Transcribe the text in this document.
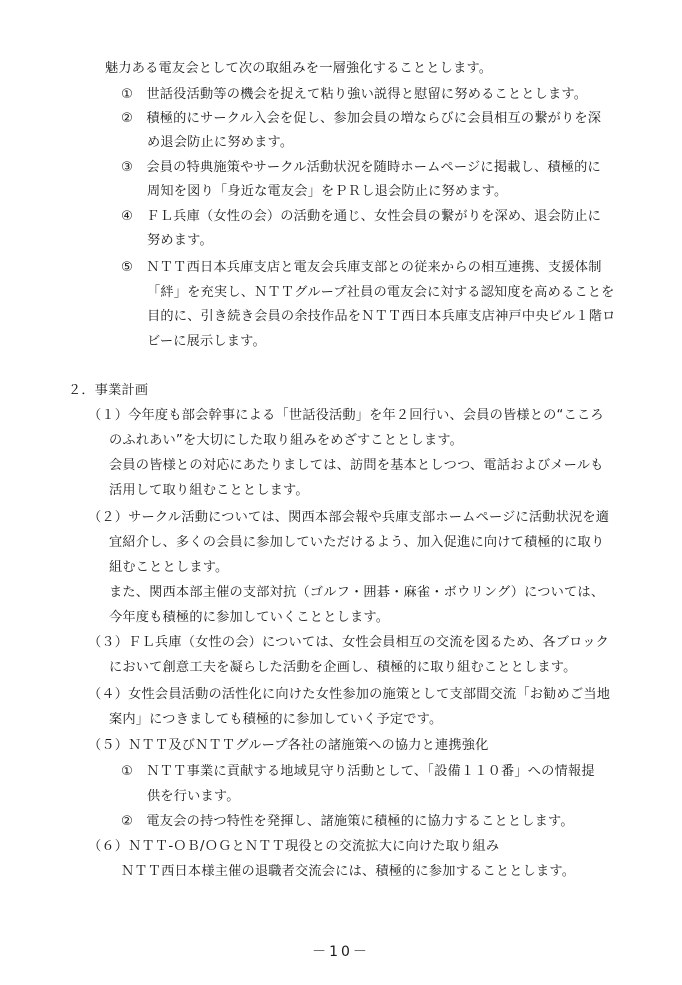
魅力ある電友会として次の取組みを一層強化することとします。
①　世話役活動等の機会を捉えて粘り強い説得と慰留に努めることとします。
②　積極的にサークル入会を促し、参加会員の増ならびに会員相互の繋がりを深
め退会防止に努めます。
③　会員の特典施策やサークル活動状況を随時ホームページに掲載し、積極的に
周知を図り「身近な電友会」をＰＲし退会防止に努めます。
④　ＦＬ兵庫（女性の会）の活動を通じ、女性会員の繋がりを深め、退会防止に
努めます。
⑤　ＮＴＴ西日本兵庫支店と電友会兵庫支部との従来からの相互連携、支援体制
「絆」を充実し、ＮＴＴグループ社員の電友会に対する認知度を高めることを
目的に、引き続き会員の余技作品をＮＴＴ西日本兵庫支店神戸中央ビル１階ロ
ビーに展示します。
２．事業計画
（１）今年度も部会幹事による「世話役活動」を年２回行い、会員の皆様との“こころ
のふれあい”を大切にした取り組みをめざすこととします。
会員の皆様との対応にあたりましては、訪問を基本としつつ、電話およびメールも
活用して取り組むこととします。
（２）サークル活動については、関西本部会報や兵庫支部ホームページに活動状況を適
宜紹介し、多くの会員に参加していただけるよう、加入促進に向けて積極的に取り
組むこととします。
また、関西本部主催の支部対抗（ゴルフ・囲碁・麻雀・ボウリング）については、
今年度も積極的に参加していくこととします。
（３）ＦＬ兵庫（女性の会）については、女性会員相互の交流を図るため、各ブロック
において創意工夫を凝らした活動を企画し、積極的に取り組むこととします。
（４）女性会員活動の活性化に向けた女性参加の施策として支部間交流「お勧めご当地
案内」につきましても積極的に参加していく予定です。
（５）ＮＴＴ及びＮＴＴグループ各社の諸施策への協力と連携強化
①　ＮＴＴ事業に貢献する地域見守り活動として、「設備１１０番」への情報提
供を行います。
②　電友会の持つ特性を発揮し、諸施策に積極的に協力することとします。
（６）ＮＴＴ-ＯＢ/ＯＧとＮＴＴ現役との交流拡大に向けた取り組み
ＮＴＴ西日本様主催の退職者交流会には、積極的に参加することとします。
－10－
